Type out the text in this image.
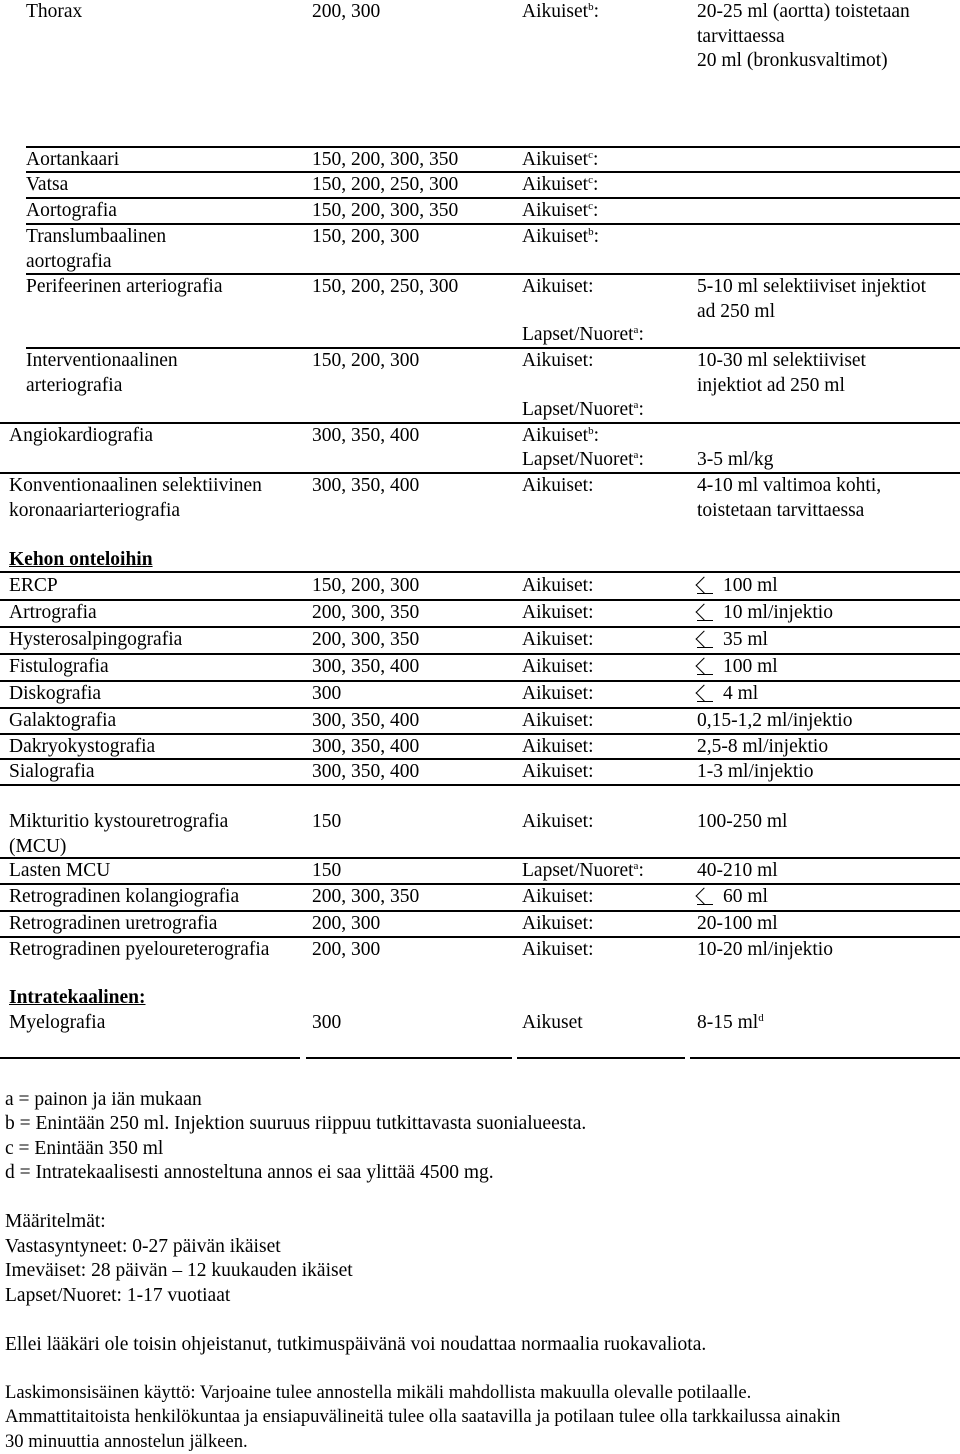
Thorax	200, 300	Aikuiset$^b$:	20-25 ml (aortta) toistetaan
tarvittaessa
20 ml (bronkusvaltimot)
Aortankaari	150, 200, 300, 350	Aikuiset$^c$:
Vatsa	150, 200, 250, 300	Aikuiset$^c$:
Aortografia	150, 200, 300, 350	Aikuiset$^c$:
Translumbaalinen
aortografia
150, 200, 300	Aikuiset$^b$:
Perifeerinen arteriografia	150, 200, 250, 300	Aikuiset:	5-10 ml selektiiviset injektiot
ad 250 ml
Lapset/Nuoret$^a$:
Interventionaalinen
arteriografia
150, 200, 300	Aikuiset:	10-30 ml selektiiviset
injektiot ad 250 ml
Lapset/Nuoret$^a$:
Angiokardiografia	300, 350, 400	Aikuiset$^b$:
Lapset/Nuoret$^a$:	3-5 ml/kg
Konventionaalinen selektiivinen
koronaariarteriografia
300, 350, 400	Aikuiset:	4-10 ml valtimoa kohti,
toistetaan tarvittaessa
Kehon onteloihin
ERCP	150, 200, 300	Aikuiset:	100 ml
Artrografia	200, 300, 350	Aikuiset:	10 ml/injektio
Hysterosalpingografia	200, 300, 350	Aikuiset:	35 ml
Fistulografia	300, 350, 400	Aikuiset:	100 ml
Diskografia	300	Aikuiset:	4 ml
Galaktografia	300, 350, 400	Aikuiset:	0,15-1,2 ml/injektio
Dakryokystografia	300, 350, 400	Aikuiset:	2,5-8 ml/injektio
Sialografia	300, 350, 400	Aikuiset:	1-3 ml/injektio
Mikturitio kystouretrografia
(MCU)
150	Aikuiset:	100-250 ml
Lasten MCU	150	Lapset/Nuoret$^a$:	40-210 ml
Retrogradinen kolangiografia	200, 300, 350	Aikuiset:	60 ml
Retrogradinen uretrografia	200, 300	Aikuiset:	20-100 ml
Retrogradinen pyeloureterografia 200, 300	Aikuiset:	10-20 ml/injektio
Intratekaalinen:
Myelografia	300	Aikuset	8-15 $ml^d$
a = painon ja iän mukaan
b = Enintään 250 ml. Injektion suuruus riippuu tutkittavasta suonialueesta.
c = Enintään 350 ml
d = Intratekaalisesti annosteltuna annos ei saa ylittää 4500 mg.
Määritelmät:
Vastasyntyneet: 0-27 päivän ikäiset
Imeväiset: 28 päivän – 12 kuukauden ikäiset
Lapset/Nuoret: 1-17 vuotiaat
Ellei lääkäri ole toisin ohjeistanut, tutkimuspäivänä voi noudattaa normaalia ruokavaliota.
Laskimonsisäinen käyttö: Varjoaine tulee annostella mikäli mahdollista makuulla olevalle potilaalle.
Ammattitaitoista henkilökuntaa ja ensiapuvälineitä tulee olla saatavilla ja potilaan tulee olla tarkkailussa ainakin
30 minuuttia annostelun jälkeen.
